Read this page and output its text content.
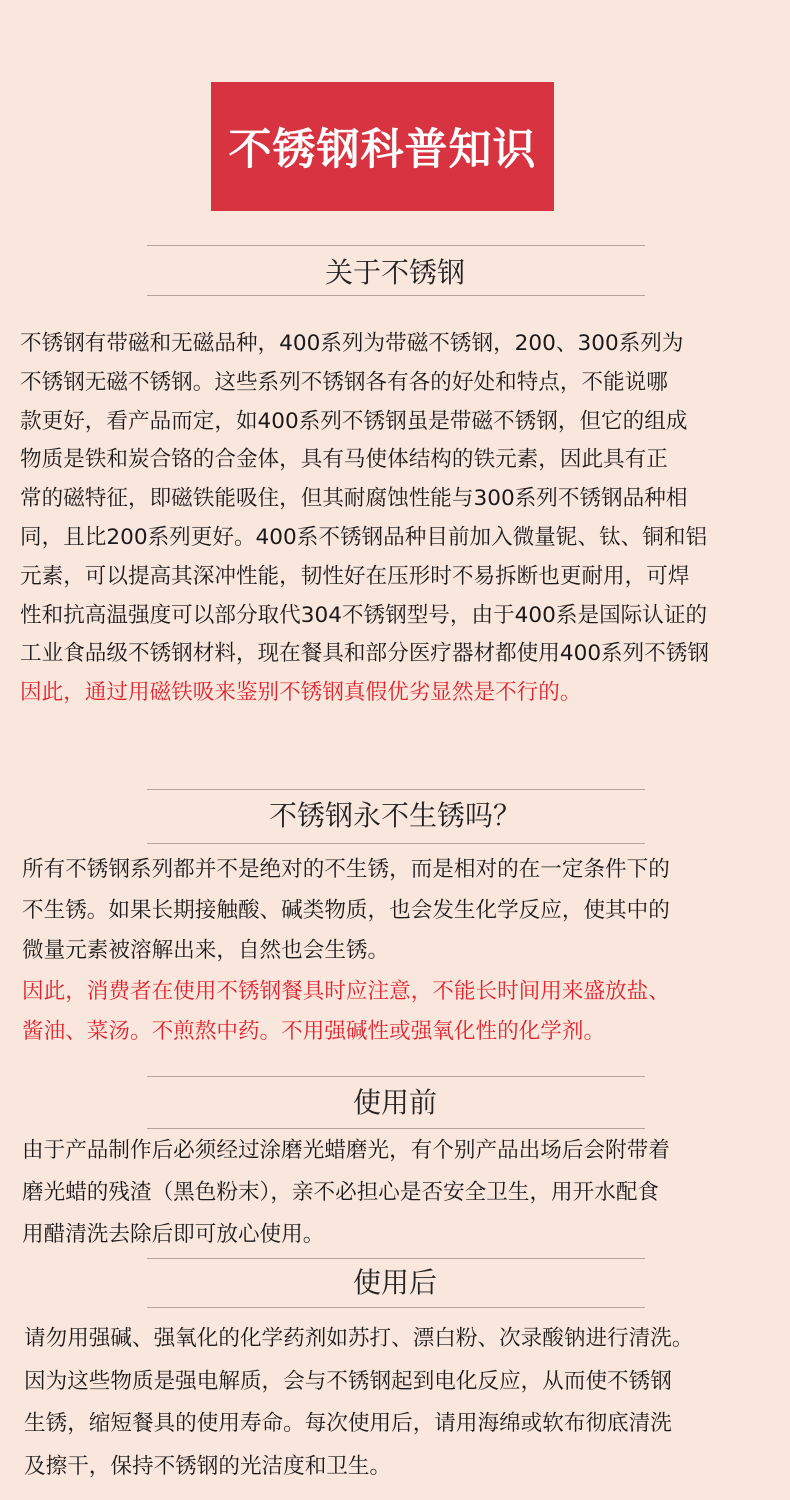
不锈钢科普知识
关于不锈钢
不锈钢有带磁和无磁品种，400系列为带磁不锈钢，200、300系列为
不锈钢无磁不锈钢。这些系列不锈钢各有各的好处和特点，不能说哪
款更好，看产品而定，如400系列不锈钢虽是带磁不锈钢，但它的组成
物质是铁和炭合铬的合金体，具有马使体结构的铁元素，因此具有正
常的磁特征，即磁铁能吸住，但其耐腐蚀性能与300系列不锈钢品种相
同，且比200系列更好。400系不锈钢品种目前加入微量铌、钛、铜和铝
元素，可以提高其深冲性能，韧性好在压形时不易拆断也更耐用，可焊
性和抗高温强度可以部分取代304不锈钢型号，由于400系是国际认证的
工业食品级不锈钢材料，现在餐具和部分医疗器材都使用400系列不锈钢
因此，通过用磁铁吸来鉴别不锈钢真假优劣显然是不行的。
不锈钢永不生锈吗？
所有不锈钢系列都并不是绝对的不生锈，而是相对的在一定条件下的
不生锈。如果长期接触酸、碱类物质，也会发生化学反应，使其中的
微量元素被溶解出来，自然也会生锈。
因此，消费者在使用不锈钢餐具时应注意，不能长时间用来盛放盐、
酱油、菜汤。不煎熬中药。不用强碱性或强氧化性的化学剂。
使用前
由于产品制作后必须经过涂磨光蜡磨光，有个别产品出场后会附带着
磨光蜡的残渣（黑色粉末），亲不必担心是否安全卫生，用开水配食
用醋清洗去除后即可放心使用。
使用后
请勿用强碱、强氧化的化学药剂如苏打、漂白粉、次录酸钠进行清洗。
因为这些物质是强电解质，会与不锈钢起到电化反应，从而使不锈钢
生锈，缩短餐具的使用寿命。每次使用后，请用海绵或软布彻底清洗
及擦干，保持不锈钢的光洁度和卫生。
